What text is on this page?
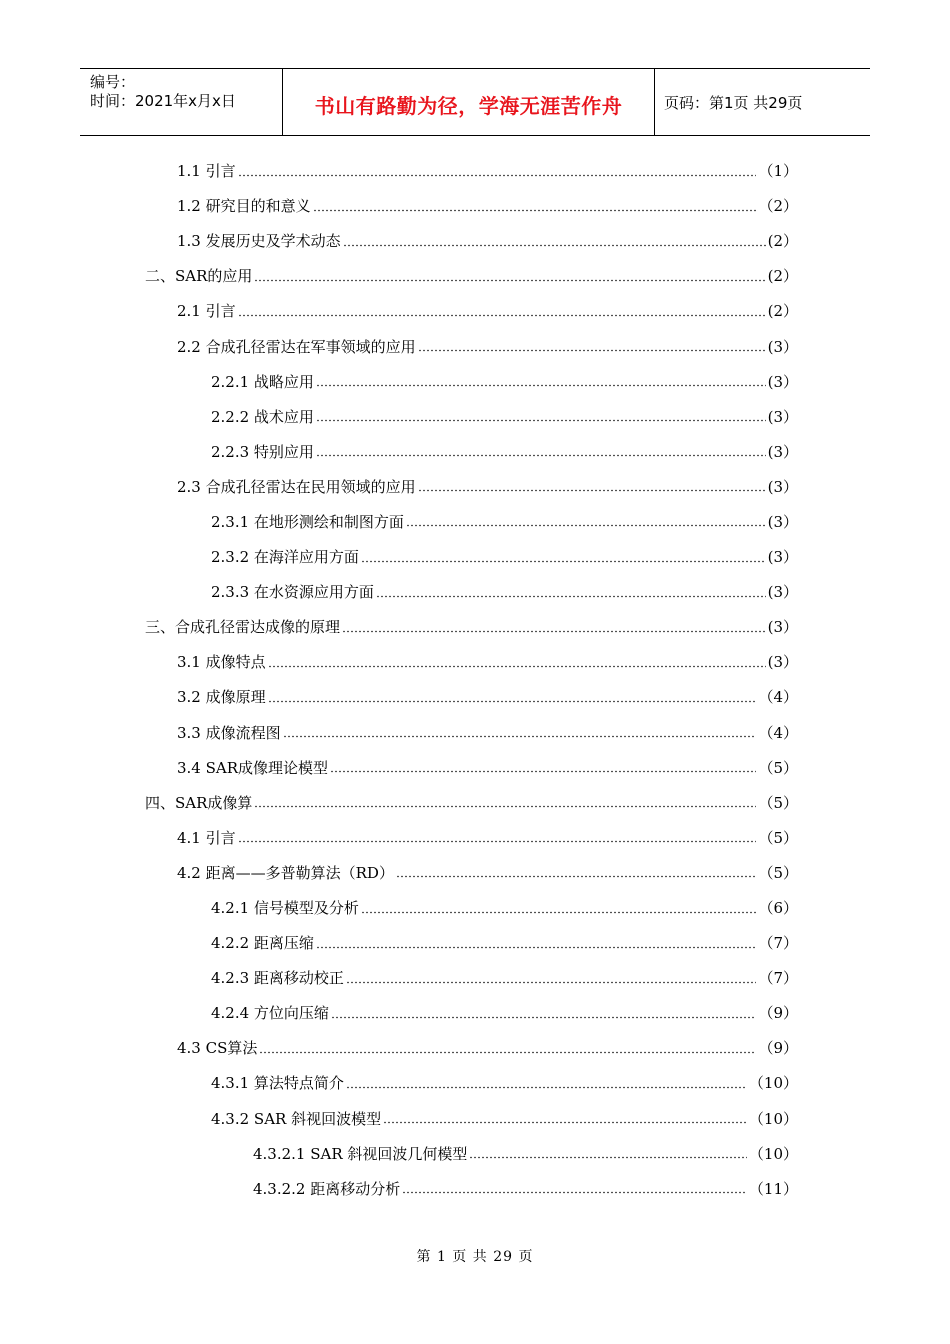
编号：
时间：2021年x月x日	书山有路勤为径，学海无涯苦作舟	页码：第1页 共29页
1.1 引言	（1）
1.2 研究目的和意义	（2）
1.3 发展历史及学术动态	(2）
二、SAR的应用	(2）
2.1 引言	(2）
2.2 合成孔径雷达在军事领域的应用	(3）
2.2.1 战略应用	(3）
2.2.2 战术应用	(3）
2.2.3 特别应用	(3）
2.3 合成孔径雷达在民用领域的应用	(3）
2.3.1 在地形测绘和制图方面	(3）
2.3.2 在海洋应用方面	(3）
2.3.3 在水资源应用方面	(3）
三、合成孔径雷达成像的原理	(3）
3.1 成像特点	(3）
3.2 成像原理	（4）
3.3 成像流程图	（4）
3.4 SAR成像理论模型	（5）
四、SAR成像算	（5）
4.1 引言	（5）
4.2 距离——多普勒算法（RD）	（5）
4.2.1 信号模型及分析	（6）
4.2.2 距离压缩	（7）
4.2.3 距离移动校正	（7）
4.2.4 方位向压缩	（9）
4.3 CS算法	（9）
4.3.1 算法特点简介	（10）
4.3.2 SAR 斜视回波模型	（10）
4.3.2.1 SAR 斜视回波几何模型	（10）
4.3.2.2 距离移动分析	（11）
第 1 页 共 29 页
